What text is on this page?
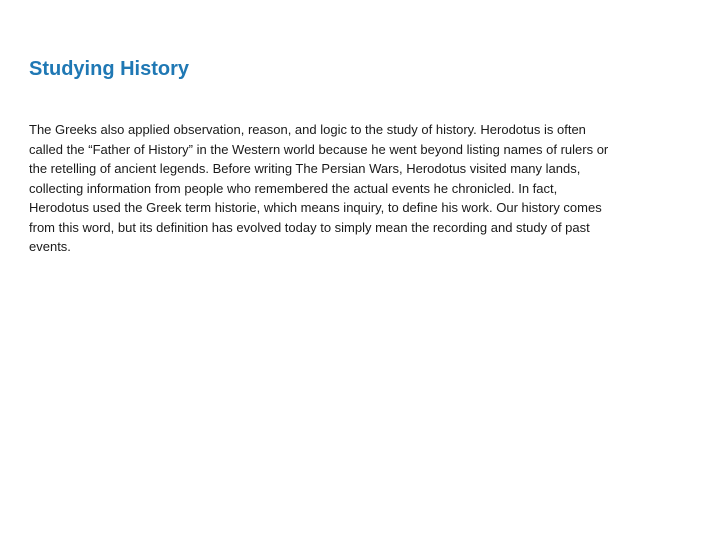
Studying History

The Greeks also applied observation, reason, and logic to the study of history. Herodotus is often called the “Father of History” in the Western world because he went beyond listing names of rulers or the retelling of ancient legends. Before writing The Persian Wars, Herodotus visited many lands, collecting information from people who remembered the actual events he chronicled. In fact, Herodotus used the Greek term historie, which means inquiry, to define his work. Our history comes from this word, but its definition has evolved today to simply mean the recording and study of past events.
